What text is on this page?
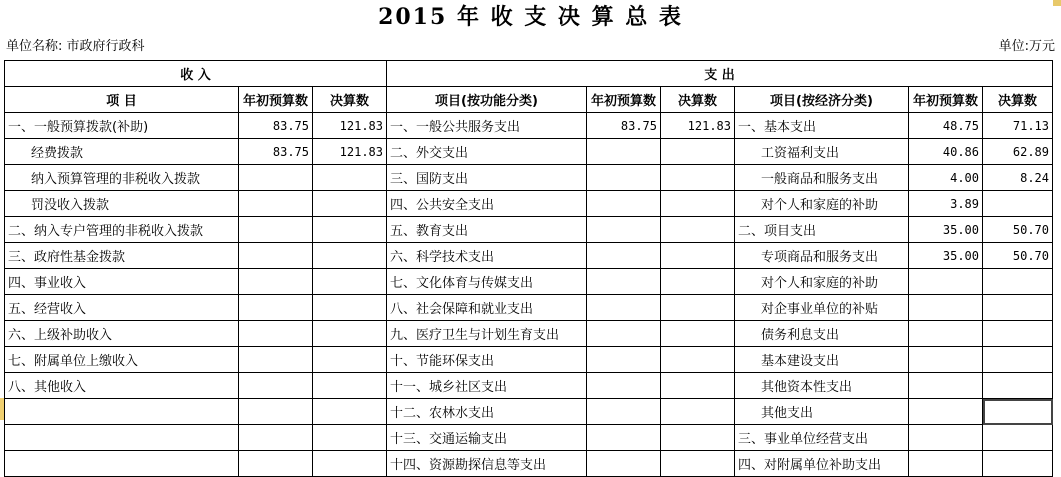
2015 年 收 支 决 算 总 表
单位名称: 市政府行政科	单位:万元
收 入			支 出					
项 目	年初预算数	决算数	项目(按功能分类)	年初预算数	决算数	项目(按经济分类)	年初预算数	决算数
一、一般预算拨款(补助)	83.75	121.83	一、一般公共服务支出	83.75	121.83	一、基本支出	48.75	71.13
经费拨款	83.75	121.83	二、外交支出			工资福利支出	40.86	62.89
纳入预算管理的非税收入拨款			三、国防支出			一般商品和服务支出	4.00	8.24
罚没收入拨款			四、公共安全支出			对个人和家庭的补助	3.89	
二、纳入专户管理的非税收入拨款			五、教育支出			二、项目支出	35.00	50.70
三、政府性基金拨款			六、科学技术支出			专项商品和服务支出	35.00	50.70
四、事业收入			七、文化体育与传媒支出			对个人和家庭的补助		
五、经营收入			八、社会保障和就业支出			对企事业单位的补贴		
六、上级补助收入			九、医疗卫生与计划生育支出			债务利息支出		
七、附属单位上缴收入			十、节能环保支出			基本建设支出		
八、其他收入			十一、城乡社区支出			其他资本性支出		
			十二、农林水支出			其他支出		
			十三、交通运输支出			三、事业单位经营支出		
			十四、资源勘探信息等支出			四、对附属单位补助支出		
